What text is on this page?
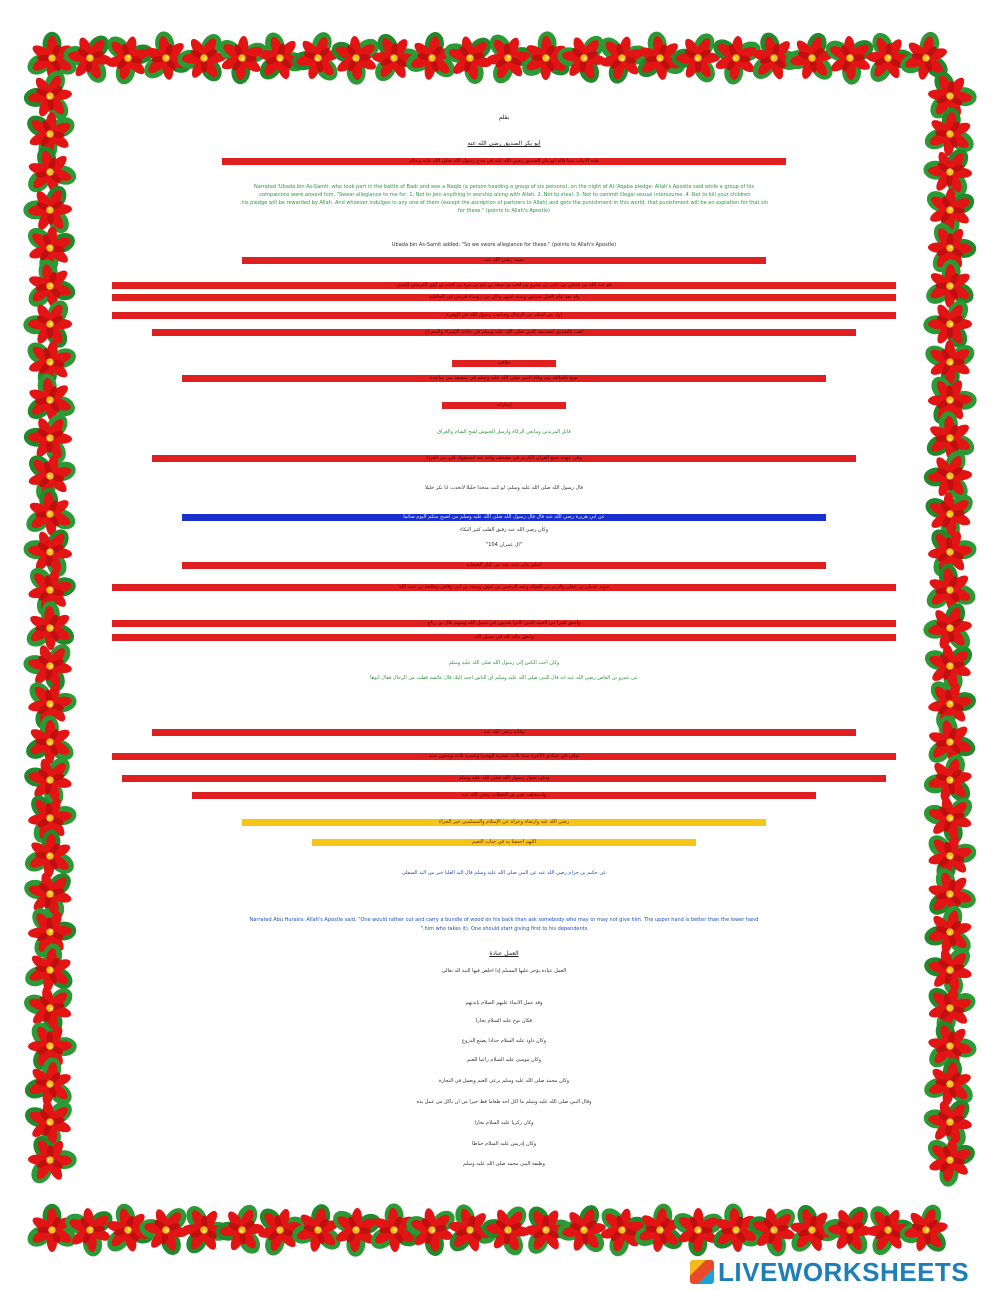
بقلم
أبو بكر الصديق رضي الله عنه
هذه الأبيات مما قاله أبو بكر الصديق رضي الله عنه في مدح رسول الله صلى الله عليه وسلم
Narrated 'Ubada bin As-Samit: who took part in the battle of Badr and was a Naqib (a person heading a group of six persons), on the night of Al-'Aqaba pledge: Allah's Apostle said while a group of his
companions were around him, "Swear allegiance to me for: 1. Not to join anything in worship along with Allah. 2. Not to steal. 3. Not to commit illegal sexual intercourse. 4. Not to kill your children.
his pledge will be rewarded by Allah. And whoever indulges in any one of them (except the ascription of partners to Allah) and gets the punishment in this world, that punishment will be an expiation for that sin.
for these." (points to Allah's Apostle)
Ubada bin As-Samit added: "So we swore allegiance for these." (points to Allah's Apostle)
نسبه رضي الله عنه
هو عبد الله بن عثمان بن عامر بن عمرو بن كعب بن سعد بن تيم بن مرة بن كعب بن لؤي القرشي التيمي
ولد بعد عام الفيل بسنتين وستة أشهر وكان من رؤساء قريش في الجاهلية
أول من أسلم من الرجال وصاحب رسول الله في الهجرة
لقب بالصديق لتصديقه النبي صلى الله عليه وسلم في حادثة الإسراء والمعراج
خلافته
بويع بالخلافة يوم وفاة النبي صلى الله عليه وسلم في سقيفة بني ساعدة
إنجازاته
قاتل المرتدين ومانعي الزكاة وأرسل الجيوش لفتح الشام والعراق
وفي عهده جمع القرآن الكريم في مصحف واحد بعد استشهاد كثير من القراء
قال رسول الله صلى الله عليه وسلم: لو كنت متخذا خليلا لاتخذت أبا بكر خليلا
عن أبي هريرة رضي الله عنه قال قال رسول الله صلى الله عليه وسلم من أصبح منكم اليوم صائما
وكان رضي الله عنه رقيق القلب كثير البكاء
"آل عمران 104"
أسلم على يديه عدد من كبار الصحابة
منهم عثمان بن عفان والزبير بن العوام وعبد الرحمن بن عوف وسعد بن أبي وقاص وطلحة بن عبيد الله
وأعتق كثيرا من العبيد الذين كانوا يعذبون في سبيل الله ومنهم بلال بن رباح
وأنفق ماله كله في سبيل الله
وكان أحب الناس إلى رسول الله صلى الله عليه وسلم
عن عمرو بن العاص رضي الله عنه أنه قال للنبي صلى الله عليه وسلم أي الناس أحب إليك قال عائشة فقلت من الرجال فقال أبوها
وفاته رضي الله عنه
توفي في جمادى الآخرة سنة ثلاث عشرة للهجرة وعمره ثلاث وستون سنة
ودفن بجوار رسول الله صلى الله عليه وسلم
واستخلف عمر بن الخطاب رضي الله عنه
رضي الله عنه وأرضاه وجزاه عن الإسلام والمسلمين خير الجزاء
اللهم اجمعنا به في جنات النعيم
عن حكيم بن حزام رضي الله عنه عن النبي صلى الله عليه وسلم قال اليد العليا خير من اليد السفلى
Narrated Abu Huraira: Allah's Apostle said, "One would rather cut and carry a bundle of wood on his back than ask somebody who may or may not give him. The upper hand is better than the lower hand
him who takes it). One should start giving first to his dependents."
العمل عبادة
العمل عبادة يؤجر عليها المسلم إذا أخلص فيها النية لله تعالى
وقد عمل الأنبياء عليهم السلام بأيديهم
فكان نوح عليه السلام نجارا
وكان داود عليه السلام حدادا يصنع الدروع
وكان موسى عليه السلام راعيا للغنم
وكان محمد صلى الله عليه وسلم يرعى الغنم ويعمل في التجارة
وقال النبي صلى الله عليه وسلم ما أكل أحد طعاما قط خيرا من أن يأكل من عمل يده
وكان زكريا عليه السلام نجارا
وكان إدريس عليه السلام خياطا
وظيفة النبي محمد صلى الله عليه وسلم
LIVEWORKSHEETS
